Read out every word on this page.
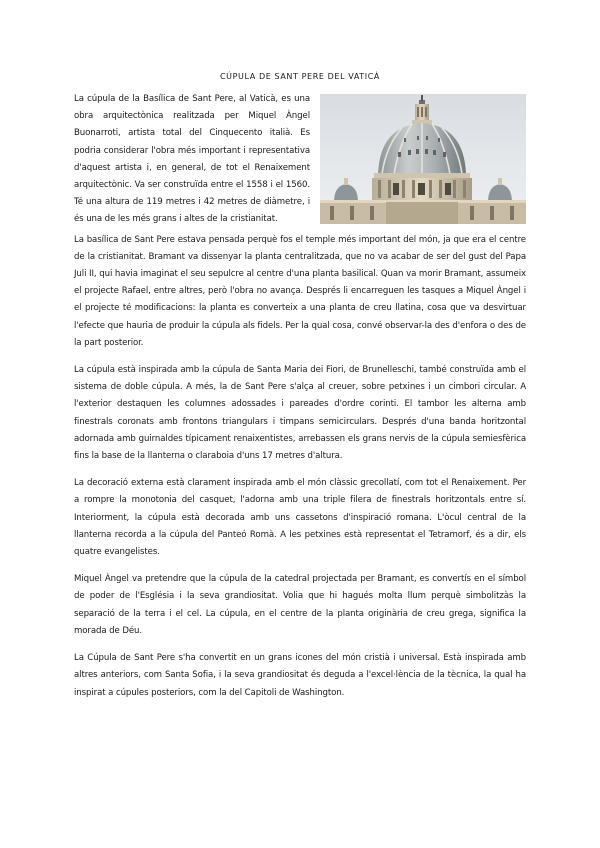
CÚPULA DE SANT PERE DEL VATICÀ

La cúpula de la Basílica de Sant Pere, al Vaticà, es una obra arquitectònica realitzada per Miquel Àngel Buonarroti, artista total del Cinquecento italià. Es podria considerar l'obra més important i representativa d'aquest artista i, en general, de tot el Renaixement arquitectònic. Va ser construïda entre el 1558 i el 1560. Té una altura de 119 metres i 42 metres de diàmetre, i és una de les més grans i altes de la cristianitat.

La basílica de Sant Pere estava pensada perquè fos el temple més important del món, ja que era el centre de la cristianitat. Bramant va dissenyar la planta centralitzada, que no va acabar de ser del gust del Papa Juli II, qui havia imaginat el seu sepulcre al centre d'una planta basilical. Quan va morir Bramant, assumeix el projecte Rafael, entre altres, però l'obra no avança. Després li encarreguen les tasques a Miquel Àngel i el projecte té modificacions: la planta es converteix a una planta de creu llatina, cosa que va desvirtuar l'efecte que hauria de produir la cúpula als fidels. Per la qual cosa, convé observar-la des d'enfora o des de la part posterior.

La cúpula està inspirada amb la cúpula de Santa Maria dei Fiori, de Brunelleschi, també construïda amb el sistema de doble cúpula. A més, la de Sant Pere s'alça al creuer, sobre petxines i un cimbori circular. A l'exterior destaquen les columnes adossades i pareades d'ordre corinti. El tambor les alterna amb finestrals coronats amb frontons triangulars i timpans semicirculars. Després d'una banda horitzontal adornada amb guirnaldes típicament renaixentistes, arrebassen els grans nervis de la cúpula semiesfèrica fins la base de la llanterna o claraboia d'uns 17 metres d'altura.

La decoració externa està clarament inspirada amb el món clàssic grecollatí, com tot el Renaixement. Per a rompre la monotonia del casquet, l'adorna amb una triple filera de finestrals horitzontals entre sí. Interiorment, la cúpula està decorada amb uns cassetons d'inspiració romana. L'òcul central de la llanterna recorda a la cúpula del Panteó Romà. A les petxines està representat el Tetramorf, és a dir, els quatre evangelistes.

Miquel Àngel va pretendre que la cúpula de la catedral projectada per Bramant, es convertís en el símbol de poder de l'Església i la seva grandiositat. Volia que hi hagués molta llum perquè simbolitzàs la separació de la terra i el cel. La cúpula, en el centre de la planta originària de creu grega, significa la morada de Déu.

La Cúpula de Sant Pere s'ha convertit en un grans icones del món cristià i universal. Està inspirada amb altres anteriors, com Santa Sofia, i la seva grandiositat és deguda a l'excel·lència de la tècnica, la qual ha inspirat a cúpules posteriors, com la del Capitoli de Washington.
